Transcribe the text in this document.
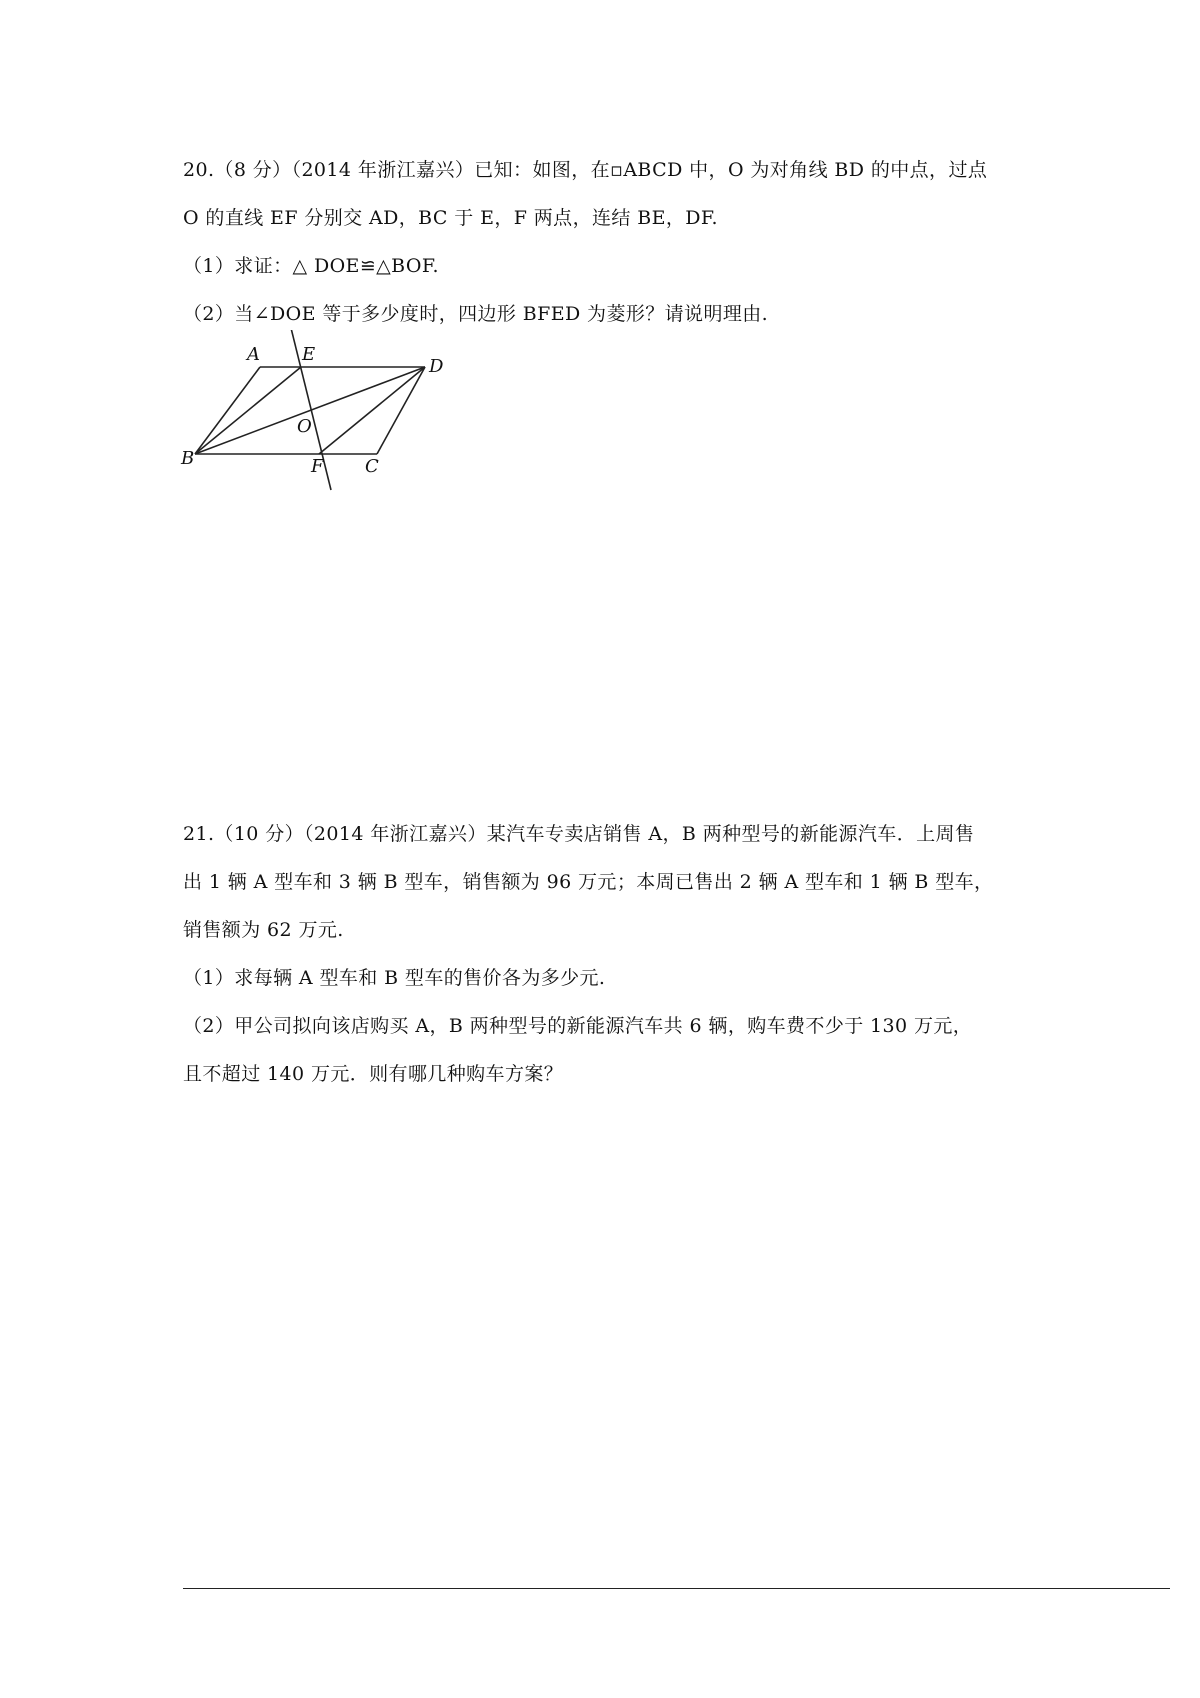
20.（8 分）（2014 年浙江嘉兴）已知：如图，在▫ABCD 中，O 为对角线 BD 的中点，过点
O 的直线 EF 分别交 AD，BC 于 E，F 两点，连结 BE，DF.
（1）求证：△ DOE≌△BOF.
（2）当∠DOE 等于多少度时，四边形 BFED 为菱形？请说明理由.
A E
D
O
B	F C
21.（10 分）（2014 年浙江嘉兴）某汽车专卖店销售 A，B 两种型号的新能源汽车．上周售
出 1 辆 A 型车和 3 辆 B 型车，销售额为 96 万元；本周已售出 2 辆 A 型车和 1 辆 B 型车，
销售额为 62 万元.
（1）求每辆 A 型车和 B 型车的售价各为多少元.
（2）甲公司拟向该店购买 A，B 两种型号的新能源汽车共 6 辆，购车费不少于 130 万元，
且不超过 140 万元．则有哪几种购车方案？
